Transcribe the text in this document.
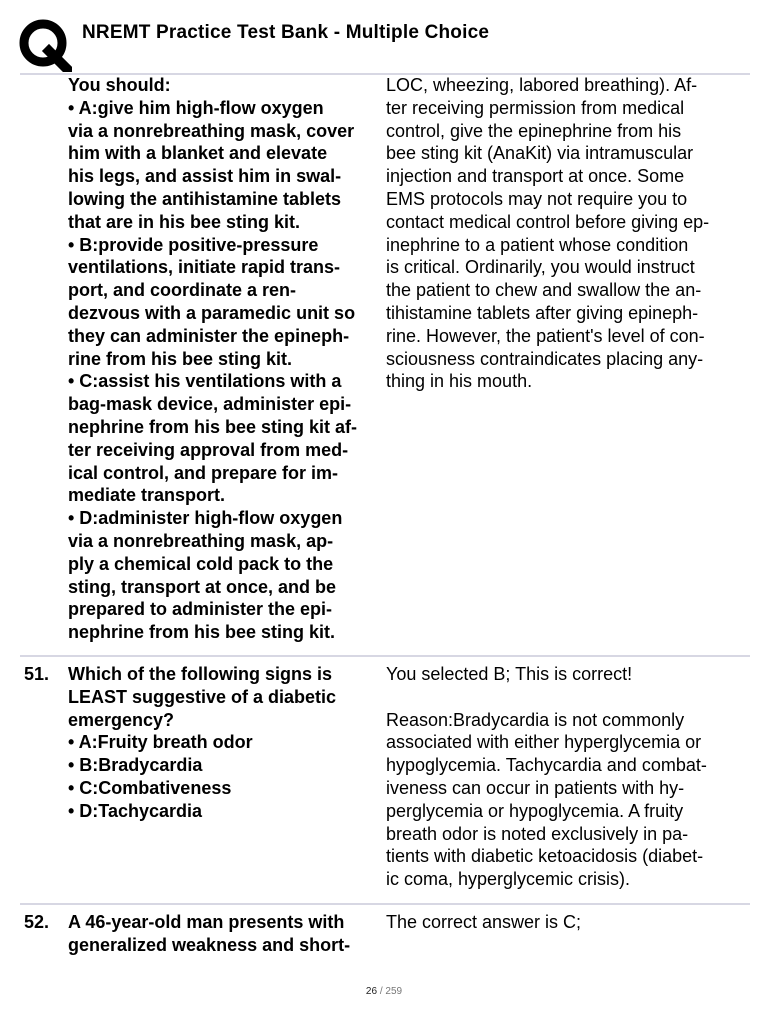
NREMT Practice Test Bank - Multiple Choice
You should:
• A:give him high-flow oxygen
via a nonrebreathing mask, cover
him with a blanket and elevate
his legs, and assist him in swal-
lowing the antihistamine tablets
that are in his bee sting kit.
• B:provide positive-pressure
ventilations, initiate rapid trans-
port, and coordinate a ren-
dezvous with a paramedic unit so
they can administer the epineph-
rine from his bee sting kit.
• C:assist his ventilations with a
bag-mask device, administer epi-
nephrine from his bee sting kit af-
ter receiving approval from med-
ical control, and prepare for im-
mediate transport.
• D:administer high-flow oxygen
via a nonrebreathing mask, ap-
ply a chemical cold pack to the
sting, transport at once, and be
prepared to administer the epi-
nephrine from his bee sting kit.
LOC, wheezing, labored breathing). Af-
ter receiving permission from medical
control, give the epinephrine from his
bee sting kit (AnaKit) via intramuscular
injection and transport at once. Some
EMS protocols may not require you to
contact medical control before giving ep-
inephrine to a patient whose condition
is critical. Ordinarily, you would instruct
the patient to chew and swallow the an-
tihistamine tablets after giving epineph-
rine. However, the patient's level of con-
sciousness contraindicates placing any-
thing in his mouth.
51. Which of the following signs is
LEAST suggestive of a diabetic
emergency?
• A:Fruity breath odor
• B:Bradycardia
• C:Combativeness
• D:Tachycardia
You selected B; This is correct!
Reason:Bradycardia is not commonly
associated with either hyperglycemia or
hypoglycemia. Tachycardia and combat-
iveness can occur in patients with hy-
perglycemia or hypoglycemia. A fruity
breath odor is noted exclusively in pa-
tients with diabetic ketoacidosis (diabet-
ic coma, hyperglycemic crisis).
52. A 46-year-old man presents with
generalized weakness and short-
The correct answer is C;
26 / 259
